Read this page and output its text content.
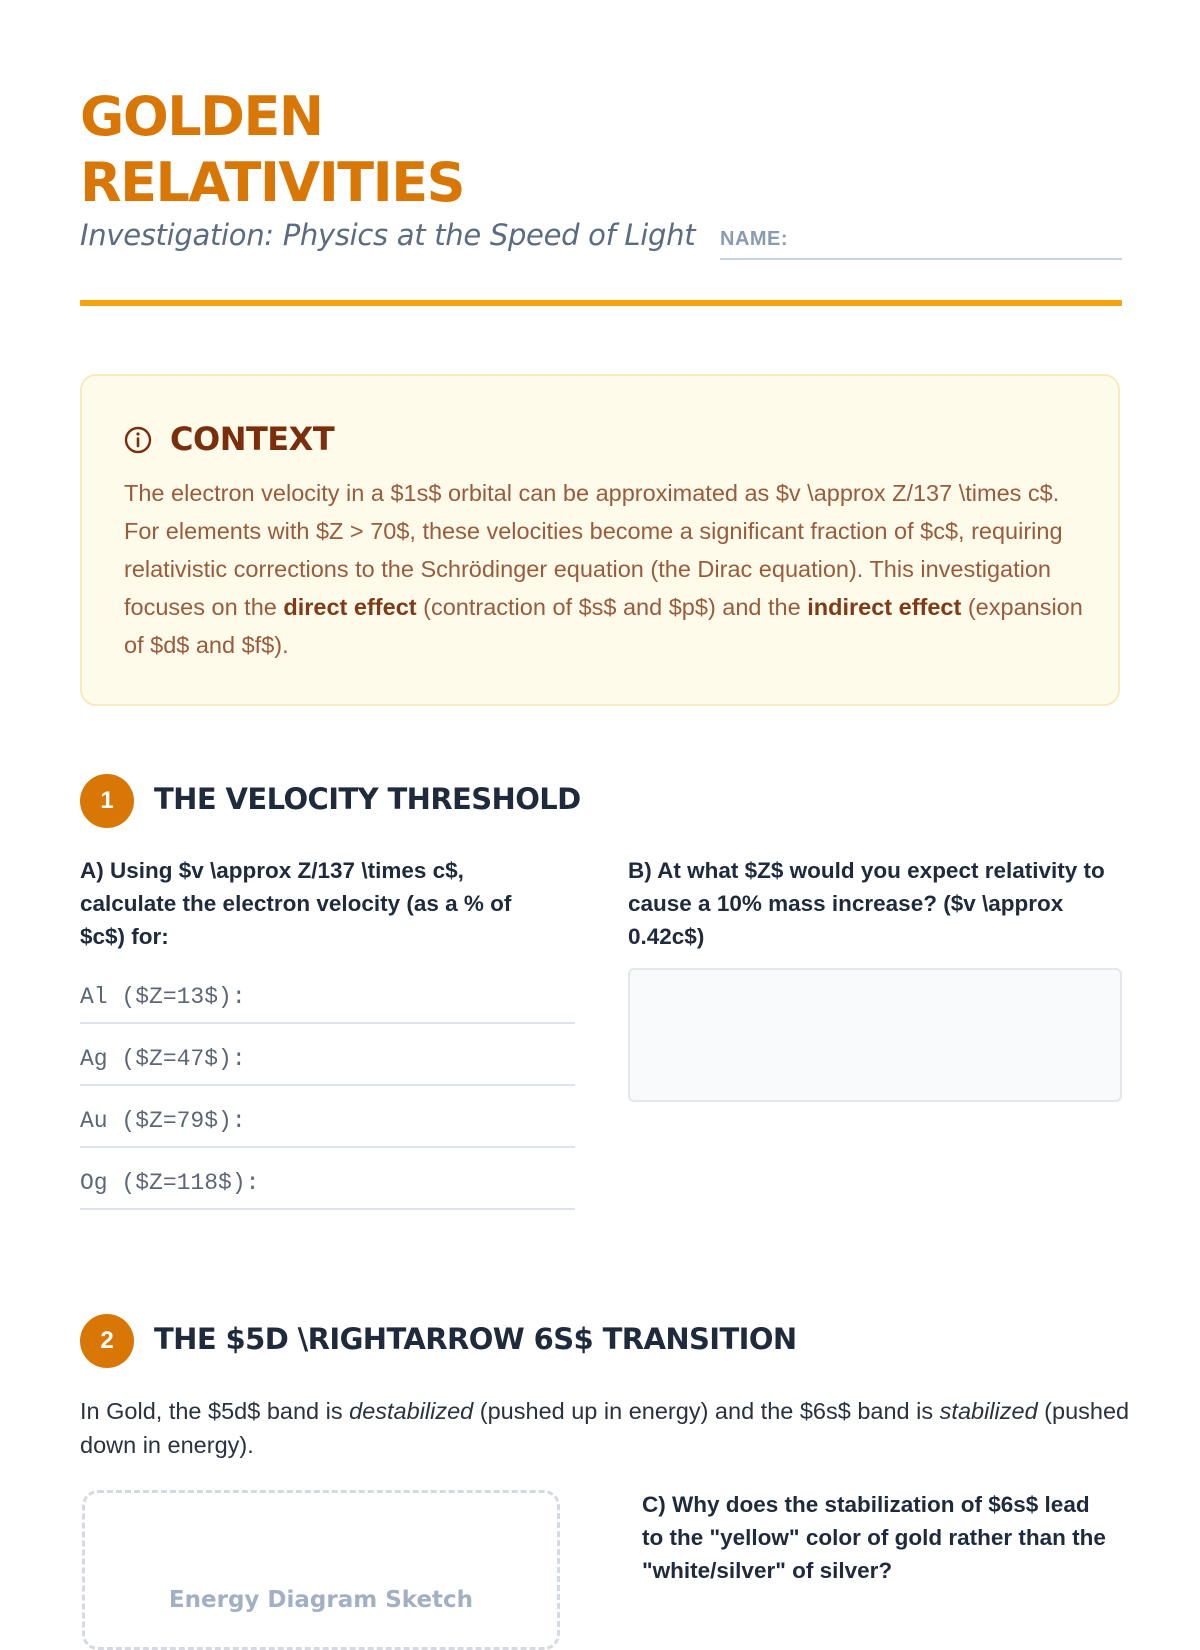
GOLDEN
RELATIVITIES
Investigation: Physics at the Speed of Light NAME:
CONTEXT
The electron velocity in a $1s$ orbital can be approximated as $v \approx Z/137 \times c$. For elements with $Z > 70$, these velocities become a significant fraction of $c$, requiring relativistic corrections to the Schrödinger equation (the Dirac equation). This investigation focuses on the direct effect (contraction of $s$ and $p$) and the indirect effect (expansion of $d$ and $f$).
1	THE VELOCITY THRESHOLD
A) Using $v \approx Z/137 \times c$, calculate the electron velocity (as a % of $c$) for:
Al ($Z=13$):
Ag ($Z=47$):
Au ($Z=79$):
Og ($Z=118$):
B) At what $Z$ would you expect relativity to cause a 10% mass increase? ($v \approx 0.42c$)
2	THE $5D \RIGHTARROW 6S$ TRANSITION
In Gold, the $5d$ band is destabilized (pushed up in energy) and the $6s$ band is stabilized (pushed down in energy).
Energy Diagram Sketch
C) Why does the stabilization of $6s$ lead to the "yellow" color of gold rather than the "white/silver" of silver?
